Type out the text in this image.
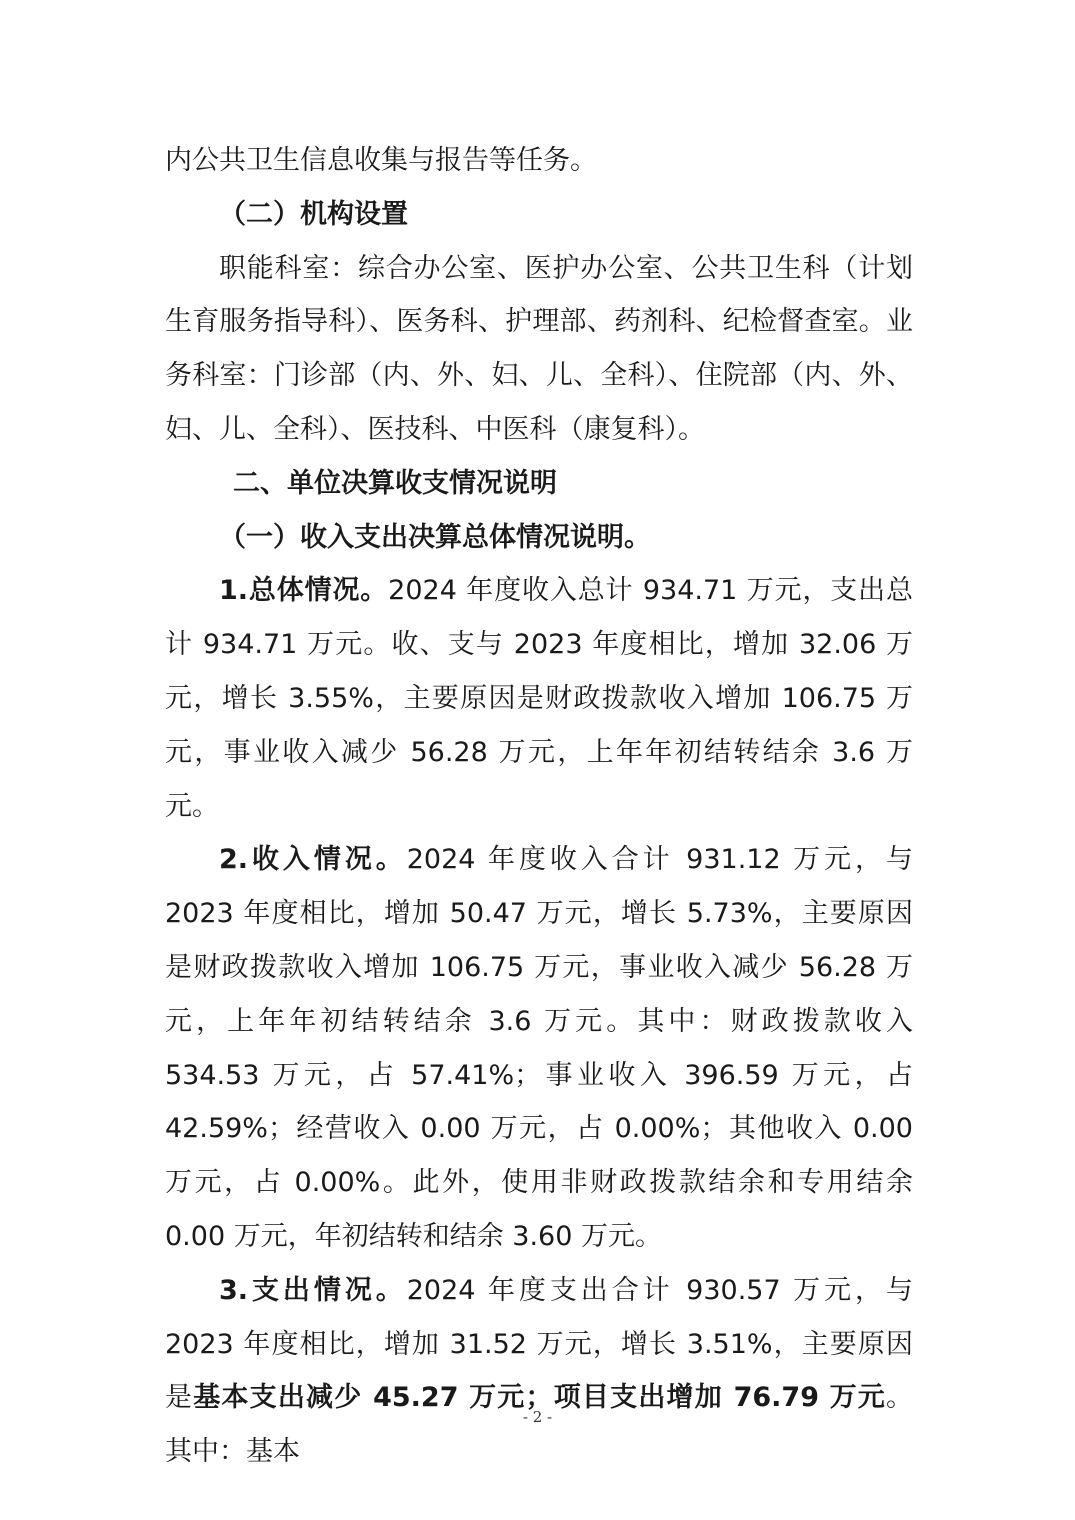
内公共卫生信息收集与报告等任务。

（二）机构设置

职能科室：综合办公室、医护办公室、公共卫生科（计划生育服务指导科）、医务科、护理部、药剂科、纪检督查室。业务科室：门诊部（内、外、妇、儿、全科）、住院部（内、外、妇、儿、全科）、医技科、中医科（康复科）。

二、单位决算收支情况说明

（一）收入支出决算总体情况说明。

1.总体情况。2024 年度收入总计 934.71 万元，支出总计 934.71 万元。收、支与 2023 年度相比，增加 32.06 万元，增长 3.55%，主要原因是财政拨款收入增加 106.75 万元，事业收入减少 56.28 万元，上年年初结转结余 3.6 万元。

2.收入情况。2024 年度收入合计 931.12 万元，与 2023 年度相比，增加 50.47 万元，增长 5.73%，主要原因是财政拨款收入增加 106.75 万元，事业收入减少 56.28 万元，上年年初结转结余 3.6 万元。其中：财政拨款收入 534.53 万元，占 57.41%；事业收入 396.59 万元，占 42.59%；经营收入 0.00 万元，占 0.00%；其他收入 0.00 万元，占 0.00%。此外，使用非财政拨款结余和专用结余 0.00 万元，年初结转和结余 3.60 万元。

3.支出情况。2024 年度支出合计 930.57 万元，与 2023 年度相比，增加 31.52 万元，增长 3.51%，主要原因是基本支出减少 45.27 万元；项目支出增加 76.79 万元。其中：基本

- 2 -
